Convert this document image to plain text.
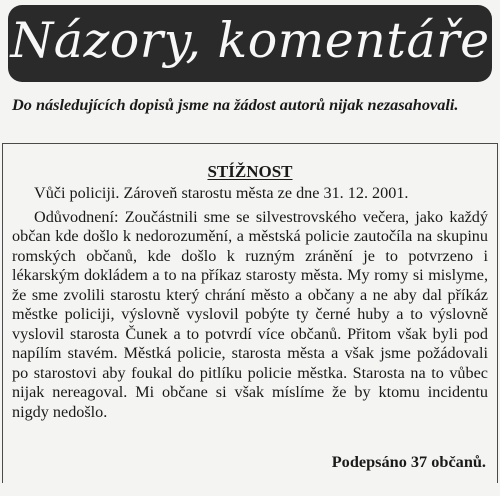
Názory, komentáře
Do následujících dopisů jsme na žádost autorů nijak nezasahovali.
STÍŽNOST

Vůči policiji. Zároveň starostu města ze dne 31. 12. 2001.

Odůvodnení: Zoučástnili sme se silvestrovského večera, jako každý občan kde došlo k nedorozumění, a městská policie zautočíla na skupinu romských občanů, kde došlo k ruzným zránění je to potvrzeno i lékarským dokládem a to na příkaz starosty města. My romy si mislyme, že sme zvolili starostu který chrání město a občany a ne aby dal příkáz městke policiji, výslovně vyslovil pobýte ty černé huby a to výslovně vyslovil starosta Čunek a to potvrdí více občanů. Přitom však byli pod napílím stavém. Městká policie, starosta města a však jsme požádovali po starostovi aby foukal do pitlíku policie městka. Starosta na to vůbec nijak nereagoval. Mi občane si však míslíme že by ktomu incidentu nigdy nedošlo.

Podepsáno 37 občanů.
